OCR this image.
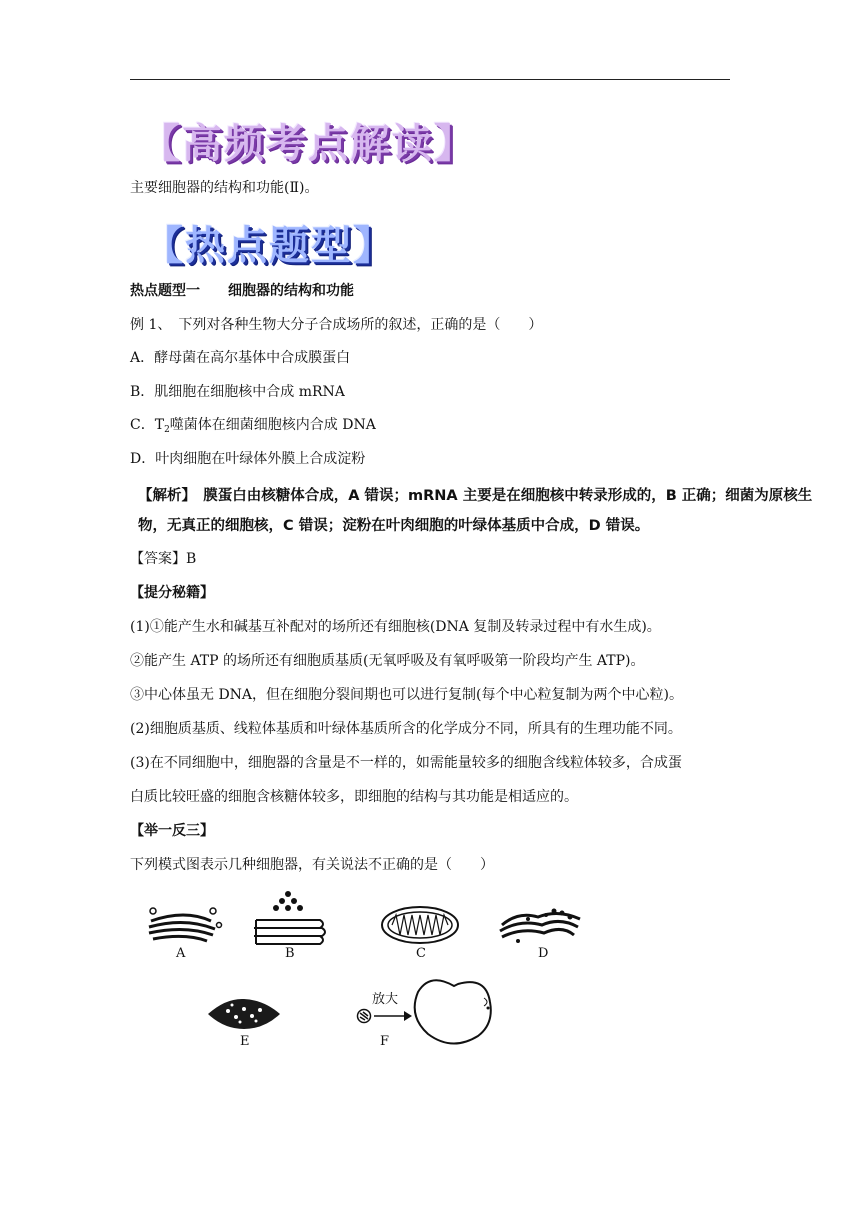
【高频考点解读】
主要细胞器的结构和功能(Ⅱ)。
【热点题型】
热点题型一　　细胞器的结构和功能
例 1、　下列对各种生物大分子合成场所的叙述，正确的是（　　）
A．酵母菌在高尔基体中合成膜蛋白
B．肌细胞在细胞核中合成 mRNA
C．$T_2$噬菌体在细菌细胞核内合成 DNA
D．叶肉细胞在叶绿体外膜上合成淀粉
【解析】　膜蛋白由核糖体合成，A 错误；mRNA 主要是在细胞核中转录形成的，B 正确；细菌为原核生物，无真正的细胞核，C 错误；淀粉在叶肉细胞的叶绿体基质中合成，D 错误。
【答案】B
【提分秘籍】
(1)①能产生水和碱基互补配对的场所还有细胞核(DNA 复制及转录过程中有水生成)。
②能产生 ATP 的场所还有细胞质基质(无氧呼吸及有氧呼吸第一阶段均产生 ATP)。
③中心体虽无 DNA，但在细胞分裂间期也可以进行复制(每个中心粒复制为两个中心粒)。
(2)细胞质基质、线粒体基质和叶绿体基质所含的化学成分不同，所具有的生理功能不同。
(3)在不同细胞中，细胞器的含量是不一样的，如需能量较多的细胞含线粒体较多，合成蛋
白质比较旺盛的细胞含核糖体较多，即细胞的结构与其功能是相适应的。
【举一反三】
下列模式图表示几种细胞器，有关说法不正确的是（　　）
A	B	C	D
E
放大
F
